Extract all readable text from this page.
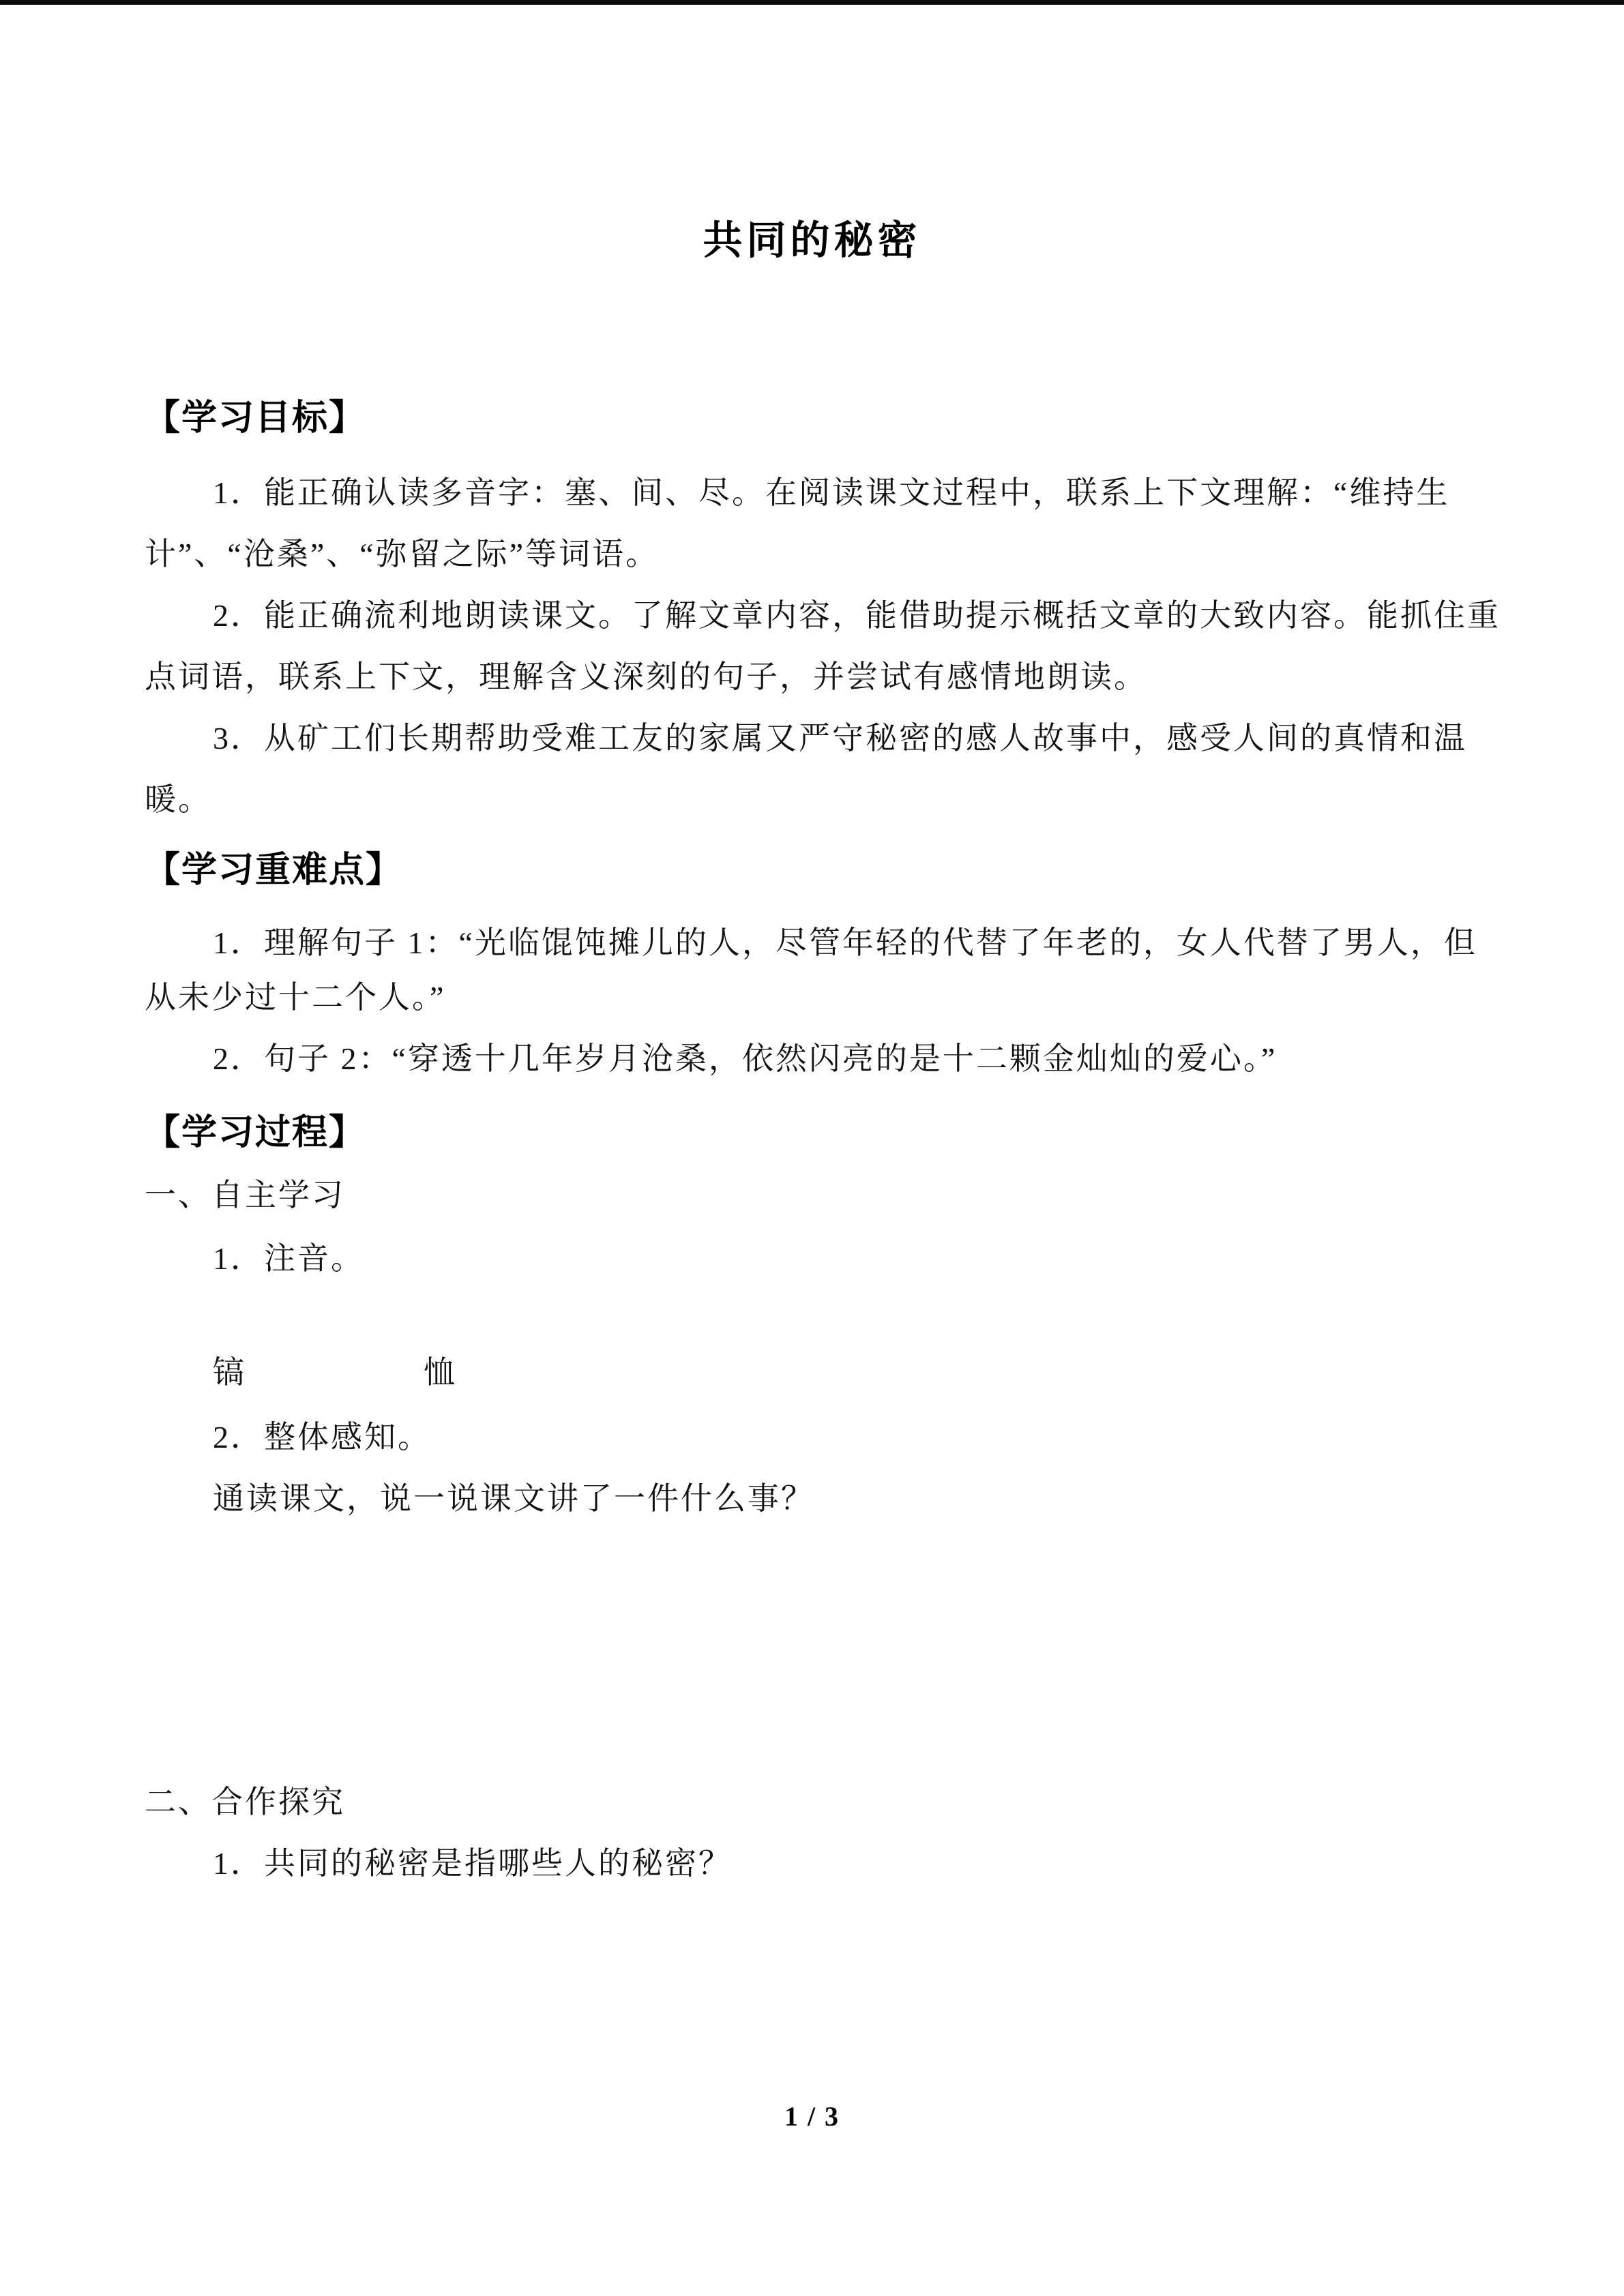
共同的秘密
【学习目标】
1．能正确认读多音字：塞、间、尽。在阅读课文过程中，联系上下文理解：“维持生
计”、“沧桑”、“弥留之际”等词语。
2．能正确流利地朗读课文。了解文章内容，能借助提示概括文章的大致内容。能抓住重
点词语，联系上下文，理解含义深刻的句子，并尝试有感情地朗读。
3．从矿工们长期帮助受难工友的家属又严守秘密的感人故事中，感受人间的真情和温
暖。
【学习重难点】
1．理解句子 1：“光临馄饨摊儿的人，尽管年轻的代替了年老的，女人代替了男人，但
从未少过十二个人。”
2．句子 2：“穿透十几年岁月沧桑，依然闪亮的是十二颗金灿灿的爱心。”
【学习过程】
一、自主学习
1．注音。
镐	恤
2．整体感知。
通读课文，说一说课文讲了一件什么事？
二、合作探究
1．共同的秘密是指哪些人的秘密？
1 / 3
